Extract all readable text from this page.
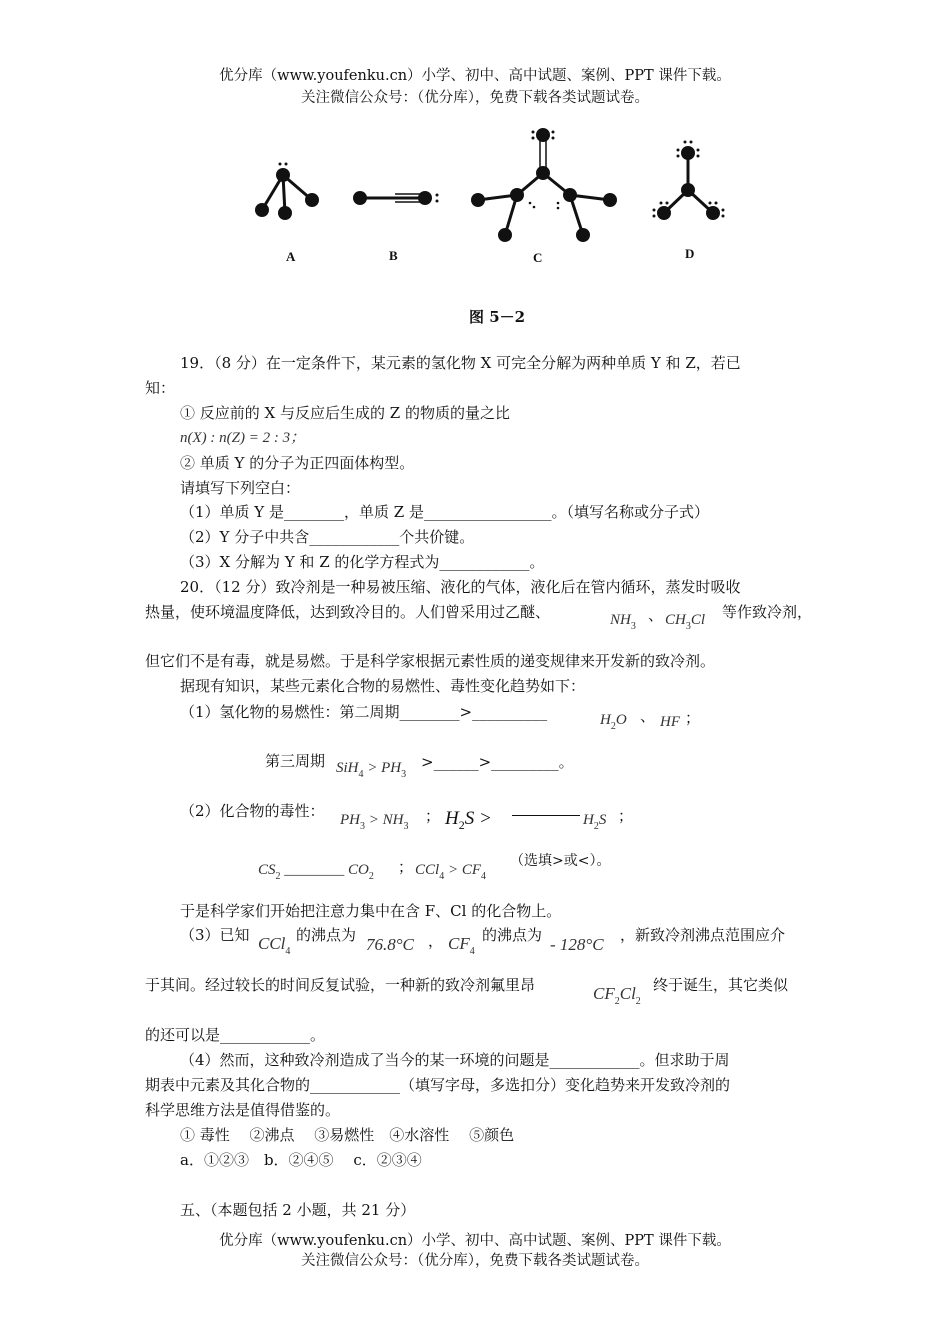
优分库（www.youfenku.cn）小学、初中、高中试题、案例、PPT 课件下载。
关注微信公众号：（优分库），免费下载各类试题试卷。
A	B	C	D
图 5－2
19．（8 分）在一定条件下，某元素的氢化物 X 可完全分解为两种单质 Y 和 Z，若已
知：
① 反应前的 X 与反应后生成的 Z 的物质的量之比
n(X) : n(Z) = 2 : 3；
② 单质 Y 的分子为正四面体构型。
请填写下列空白：
（1）单质 Y 是________，单质 Z 是_________________。（填写名称或分子式）
（2）Y 分子中共含____________个共价键。
（3）X 分解为 Y 和 Z 的化学方程式为____________。
20．（12 分）致冷剂是一种易被压缩、液化的气体，液化后在管内循环，蒸发时吸收
热量，使环境温度降低，达到致冷目的。人们曾采用过乙醚、	$NH_3$
、 $CH_3Cl$ 等作致冷剂，
但它们不是有毒，就是易燃。于是科学家根据元素性质的递变规律来开发新的致冷剂。
据现有知识，某些元素化合物的易燃性、毒性变化趋势如下：
（1）氢化物的易燃性：第二周期________>__________	$H_2O$ 、 HF ；
第三周期 $SiH_4 > PH_3$
>______>_________。
（2）化合物的毒性： $PH_3 > NH_3$
； $H_2S$ >	$H_2S$ ；
$CS_2$ ________ $CO_2$
； $CCl_4 > CF_4$
（选填>或<）。
于是科学家们开始把注意力集中在含 F、Cl 的化合物上。
（3）已知 CCl$_4$
的沸点为 76.8°C ， $CF_4$
的沸点为 - 128°C ，新致冷剂沸点范围应介
于其间。经过较长的时间反复试验，一种新的致冷剂氟里昂	$CF_2Cl_2$
终于诞生，其它类似
的还可以是____________。
（4）然而，这种致冷剂造成了当今的某一环境的问题是____________。但求助于周
期表中元素及其化合物的____________（填写字母，多选扣分）变化趋势来开发致冷剂的
科学思维方法是值得借鉴的。
① 毒性　 ②沸点　 ③易燃性　④水溶性　 ⑤颜色
a．①②③　b．②④⑤　 c．②③④
五、（本题包括 2 小题，共 21 分）
优分库（www.youfenku.cn）小学、初中、高中试题、案例、PPT 课件下载。
关注微信公众号：（优分库），免费下载各类试题试卷。
